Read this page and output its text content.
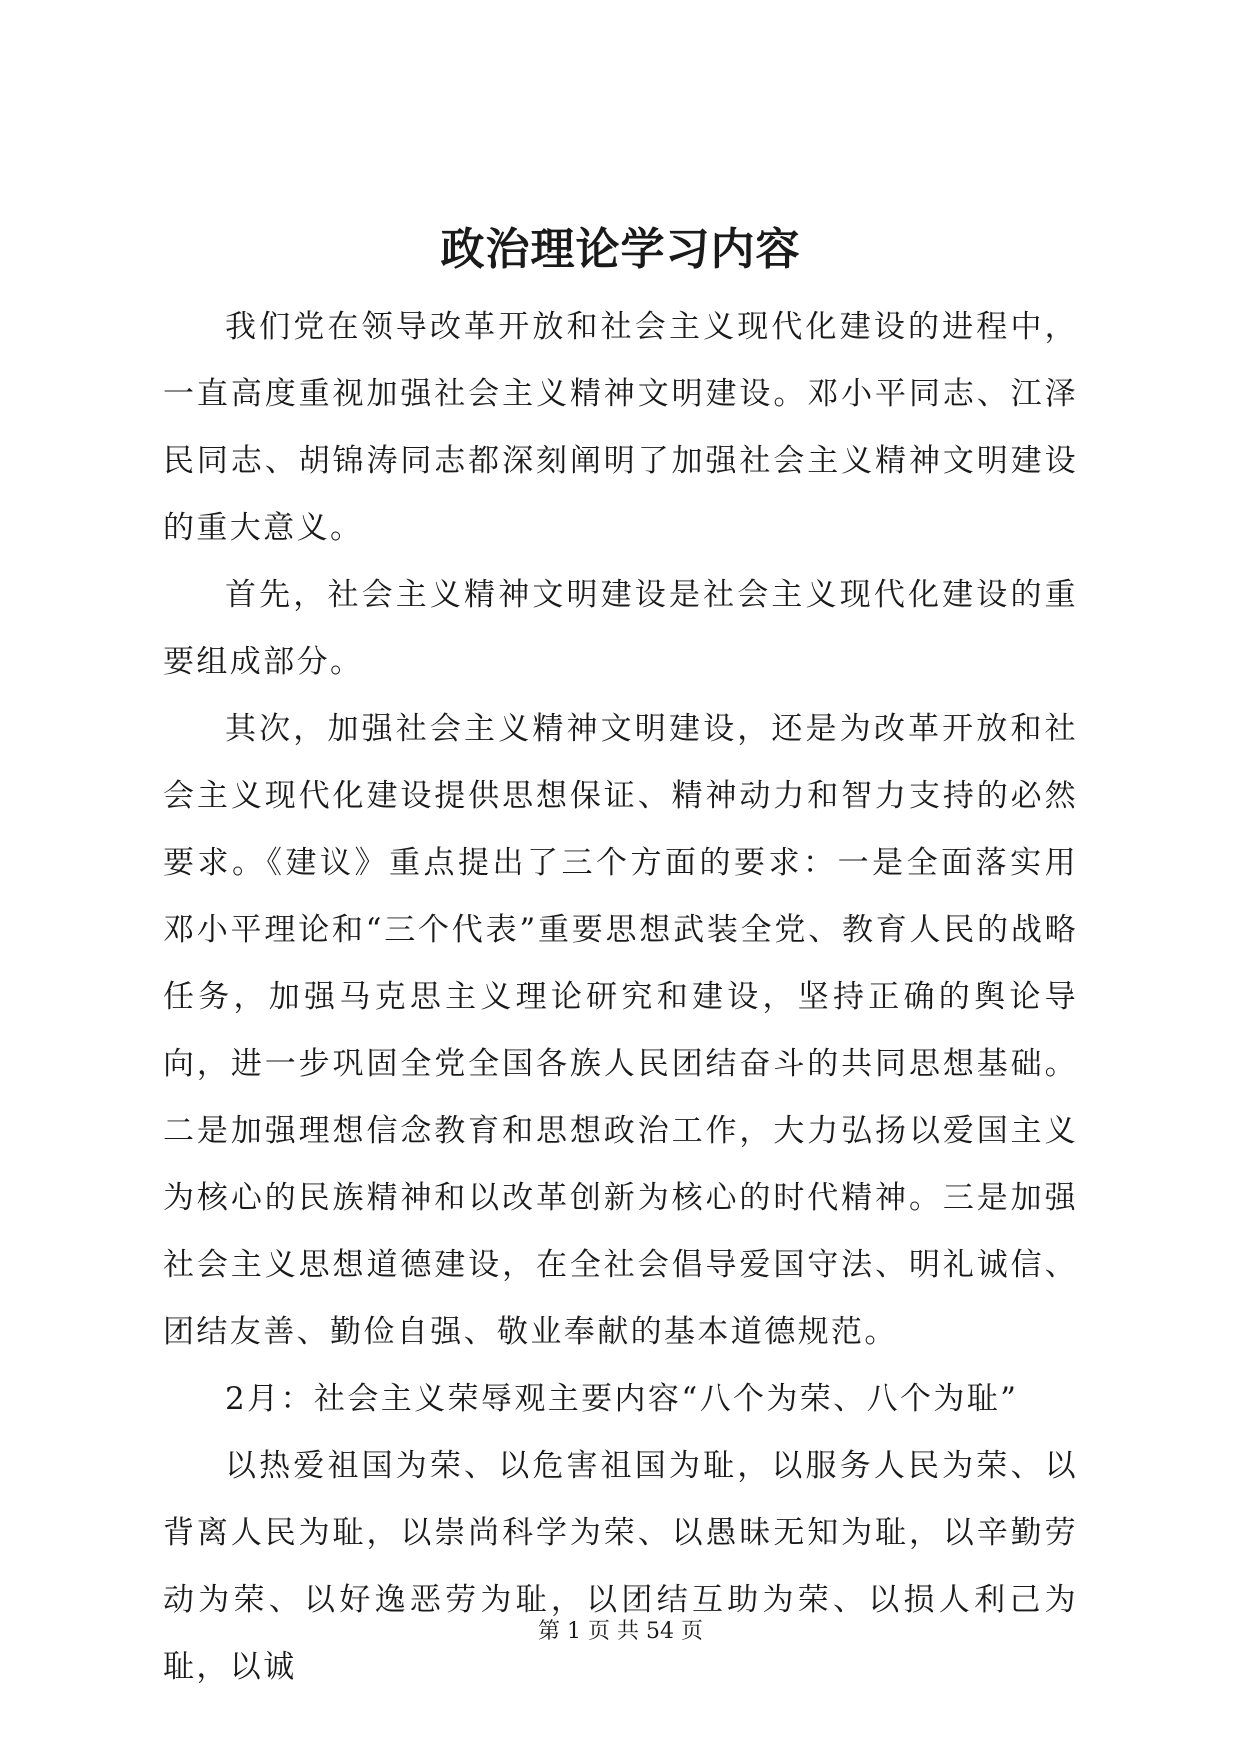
政治理论学习内容

我们党在领导改革开放和社会主义现代化建设的进程中，一直高度重视加强社会主义精神文明建设。邓小平同志、江泽民同志、胡锦涛同志都深刻阐明了加强社会主义精神文明建设的重大意义。

首先，社会主义精神文明建设是社会主义现代化建设的重要组成部分。

其次，加强社会主义精神文明建设，还是为改革开放和社会主义现代化建设提供思想保证、精神动力和智力支持的必然要求。《建议》重点提出了三个方面的要求：一是全面落实用邓小平理论和“三个代表”重要思想武装全党、教育人民的战略任务，加强马克思主义理论研究和建设，坚持正确的舆论导向，进一步巩固全党全国各族人民团结奋斗的共同思想基础。二是加强理想信念教育和思想政治工作，大力弘扬以爱国主义为核心的民族精神和以改革创新为核心的时代精神。三是加强社会主义思想道德建设，在全社会倡导爱国守法、明礼诚信、团结友善、勤俭自强、敬业奉献的基本道德规范。

2月：社会主义荣辱观主要内容“八个为荣、八个为耻”

以热爱祖国为荣、以危害祖国为耻，以服务人民为荣、以背离人民为耻，以崇尚科学为荣、以愚昧无知为耻，以辛勤劳动为荣、以好逸恶劳为耻，以团结互助为荣、以损人利己为耻，以诚

第 1 页 共 54 页
